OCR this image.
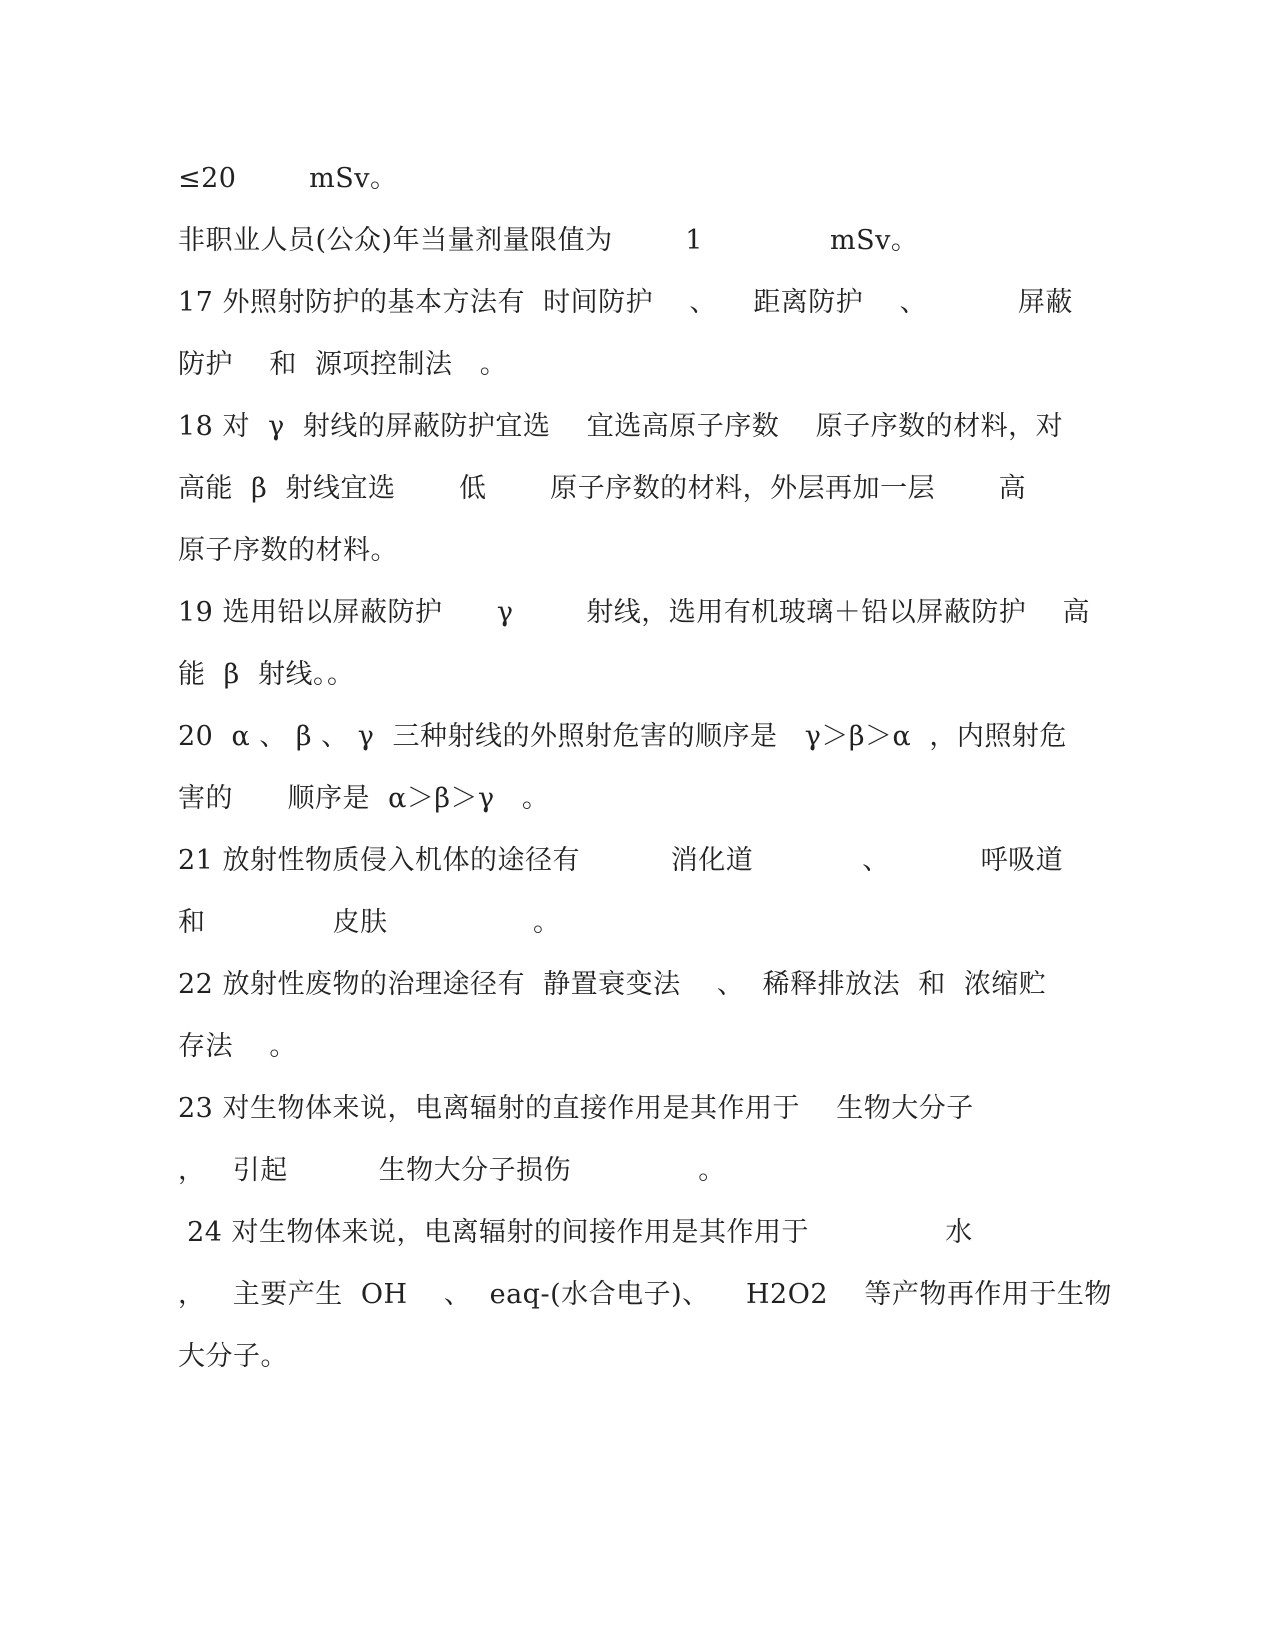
≤20        mSv。
非职业人员(公众)年当量剂量限值为        1              mSv。
17 外照射防护的基本方法有  时间防护    、    距离防护    、          屏蔽
防护    和  源项控制法   。
18 对  γ  射线的屏蔽防护宜选    宜选高原子序数    原子序数的材料，对
高能  β  射线宜选       低       原子序数的材料，外层再加一层       高
原子序数的材料。
19 选用铅以屏蔽防护      γ        射线，选用有机玻璃＋铅以屏蔽防护    高
能  β  射线。。
20  α 、 β 、 γ  三种射线的外照射危害的顺序是   γ＞β＞α  ，内照射危
害的      顺序是  α＞β＞γ   。
21 放射性物质侵入机体的途径有          消化道            、          呼吸道
和              皮肤                。
22 放射性废物的治理途径有  静置衰变法    、  稀释排放法  和  浓缩贮
存法    。
23 对生物体来说，电离辐射的直接作用是其作用于    生物大分子
，   引起          生物大分子损伤              。
24 对生物体来说，电离辐射的间接作用是其作用于               水
，   主要产生  OH    、  eaq-(水合电子)、    H2O2    等产物再作用于生物
大分子。
